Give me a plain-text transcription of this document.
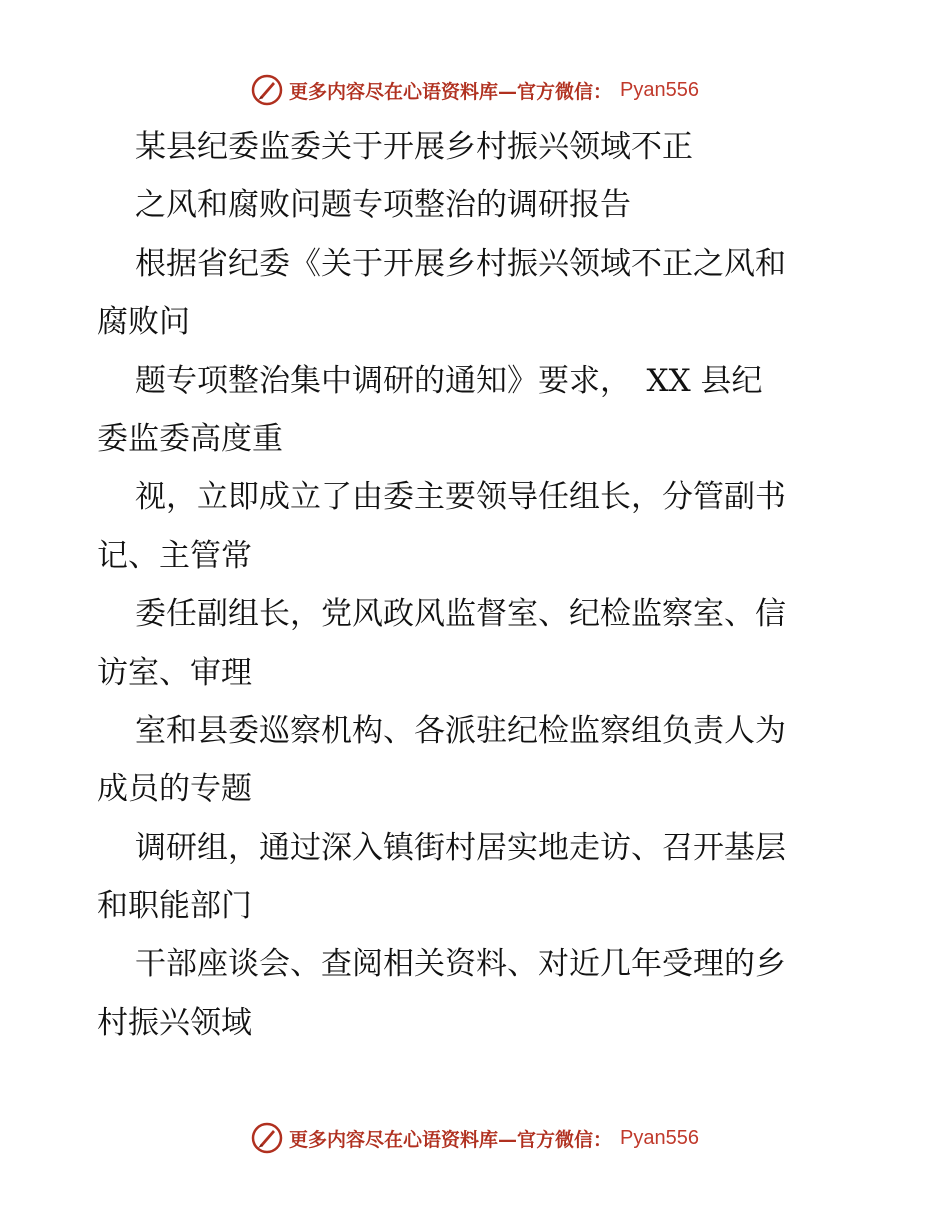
更多内容尽在心语资料库—官方微信： Pyan556
某县纪委监委关于开展乡村振兴领域不正
之风和腐败问题专项整治的调研报告
根据省纪委《关于开展乡村振兴领域不正之风和
腐败问
题专项整治集中调研的通知》要求，　XX 县纪
委监委高度重
视，立即成立了由委主要领导任组长，分管副书
记、主管常
委任副组长，党风政风监督室、纪检监察室、信
访室、审理
室和县委巡察机构、各派驻纪检监察组负责人为
成员的专题
调研组，通过深入镇街村居实地走访、召开基层
和职能部门
干部座谈会、查阅相关资料、对近几年受理的乡
村振兴领域
更多内容尽在心语资料库—官方微信： Pyan556
